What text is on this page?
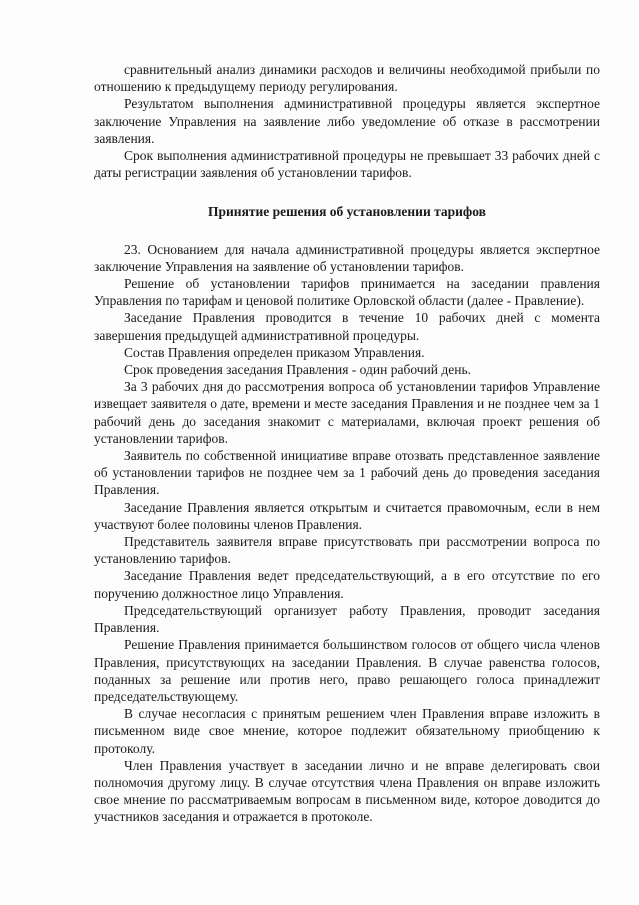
сравнительный анализ динамики расходов и величины необходимой прибыли по отношению к предыдущему периоду регулирования.

Результатом выполнения административной процедуры является экспертное заключение Управления на заявление либо уведомление об отказе в рассмотрении заявления.

Срок выполнения административной процедуры не превышает 33 рабочих дней с даты регистрации заявления об установлении тарифов.

Принятие решения об установлении тарифов

23. Основанием для начала административной процедуры является экспертное заключение Управления на заявление об установлении тарифов.

Решение об установлении тарифов принимается на заседании правления Управления по тарифам и ценовой политике Орловской области (далее - Правление).

Заседание Правления проводится в течение 10 рабочих дней с момента завершения предыдущей административной процедуры.

Состав Правления определен приказом Управления.

Срок проведения заседания Правления - один рабочий день.

За 3 рабочих дня до рассмотрения вопроса об установлении тарифов Управление извещает заявителя о дате, времени и месте заседания Правления и не позднее чем за 1 рабочий день до заседания знакомит с материалами, включая проект решения об установлении тарифов.

Заявитель по собственной инициативе вправе отозвать представленное заявление об установлении тарифов не позднее чем за 1 рабочий день до проведения заседания Правления.

Заседание Правления является открытым и считается правомочным, если в нем участвуют более половины членов Правления.

Представитель заявителя вправе присутствовать при рассмотрении вопроса по установлению тарифов.

Заседание Правления ведет председательствующий, а в его отсутствие по его поручению должностное лицо Управления.

Председательствующий организует работу Правления, проводит заседания Правления.

Решение Правления принимается большинством голосов от общего числа членов Правления, присутствующих на заседании Правления. В случае равенства голосов, поданных за решение или против него, право решающего голоса принадлежит председательствующему.

В случае несогласия с принятым решением член Правления вправе изложить в письменном виде свое мнение, которое подлежит обязательному приобщению к протоколу.

Член Правления участвует в заседании лично и не вправе делегировать свои полномочия другому лицу. В случае отсутствия члена Правления он вправе изложить свое мнение по рассматриваемым вопросам в письменном виде, которое доводится до участников заседания и отражается в протоколе.
